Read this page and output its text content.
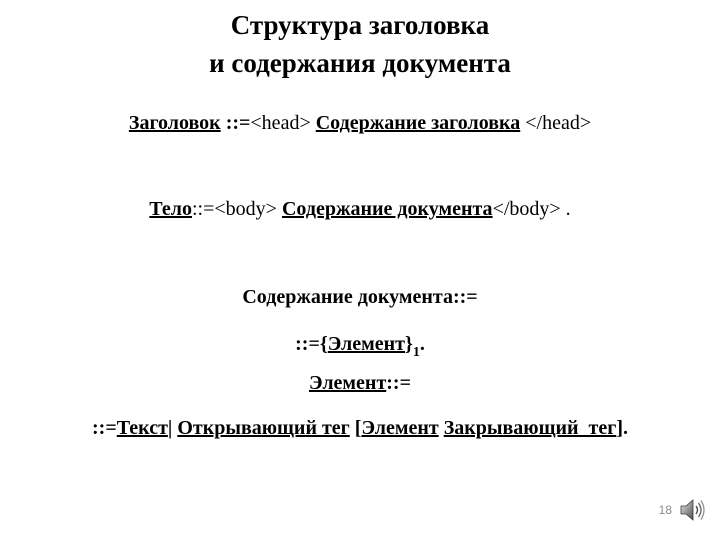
Структура заголовка
и содержания документа
Заголовок ::=<head> Содержание заголовка </head>
Тело::=<body> Содержание документа</body> .
Содержание документа::=
$::=\{Элемент\}_1$.
Элемент::=
::=Текст| Открывающий тег [Элемент Закрывающий  тег].
18
